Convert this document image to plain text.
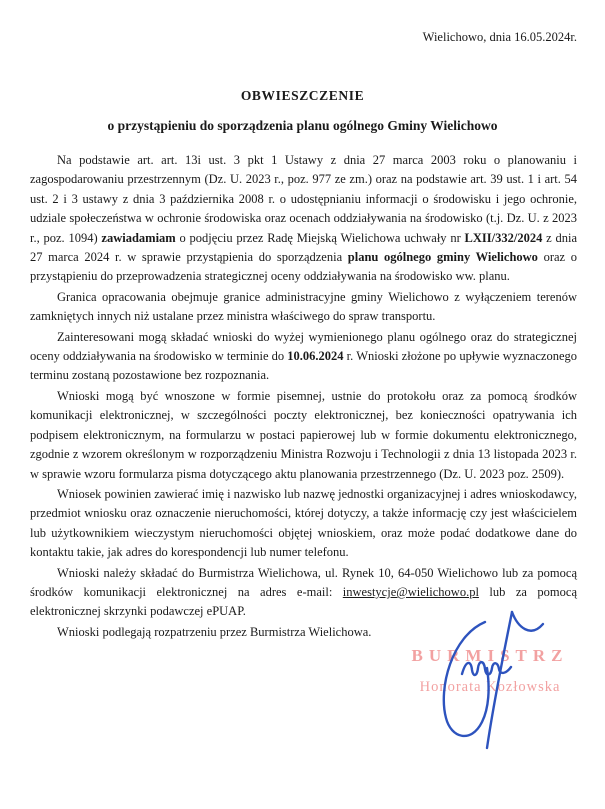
Wielichowo, dnia 16.05.2024r.
OBWIESZCZENIE
o przystąpieniu do sporządzenia planu ogólnego Gminy Wielichowo

Na podstawie art. art. 13i ust. 3 pkt 1 Ustawy z dnia 27 marca 2003 roku o planowaniu i zagospodarowaniu przestrzennym (Dz. U. 2023 r., poz. 977 ze zm.) oraz na podstawie art. 39 ust. 1 i art. 54 ust. 2 i 3 ustawy z dnia 3 października 2008 r. o udostępnianiu informacji o środowisku i jego ochronie, udziale społeczeństwa w ochronie środowiska oraz ocenach oddziaływania na środowisko (t.j. Dz. U. z 2023 r., poz. 1094) zawiadamiam o podjęciu przez Radę Miejską Wielichowa uchwały nr LXII/332/2024 z dnia 27 marca 2024 r. w sprawie przystąpienia do sporządzenia planu ogólnego gminy Wielichowo oraz o przystąpieniu do przeprowadzenia strategicznej oceny oddziaływania na środowisko ww. planu.

Granica opracowania obejmuje granice administracyjne gminy Wielichowo z wyłączeniem terenów zamkniętych innych niż ustalane przez ministra właściwego do spraw transportu.

Zainteresowani mogą składać wnioski do wyżej wymienionego planu ogólnego oraz do strategicznej oceny oddziaływania na środowisko w terminie do 10.06.2024 r. Wnioski złożone po upływie wyznaczonego terminu zostaną pozostawione bez rozpoznania.

Wnioski mogą być wnoszone w formie pisemnej, ustnie do protokołu oraz za pomocą środków komunikacji elektronicznej, w szczególności poczty elektronicznej, bez konieczności opatrywania ich podpisem elektronicznym, na formularzu w postaci papierowej lub w formie dokumentu elektronicznego, zgodnie z wzorem określonym w rozporządzeniu Ministra Rozwoju i Technologii z dnia 13 listopada 2023 r. w sprawie wzoru formularza pisma dotyczącego aktu planowania przestrzennego (Dz. U. 2023 poz. 2509).

Wniosek powinien zawierać imię i nazwisko lub nazwę jednostki organizacyjnej i adres wnioskodawcy, przedmiot wniosku oraz oznaczenie nieruchomości, której dotyczy, a także informację czy jest właścicielem lub użytkownikiem wieczystym nieruchomości objętej wnioskiem, oraz może podać dodatkowe dane do kontaktu takie, jak adres do korespondencji lub numer telefonu.

Wnioski należy składać do Burmistrza Wielichowa, ul. Rynek 10, 64-050 Wielichowo lub za pomocą środków komunikacji elektronicznej na adres e-mail: inwestycje@wielichowo.pl lub za pomocą elektronicznej skrzynki podawczej ePUAP.

Wnioski podlegają rozpatrzeniu przez Burmistrza Wielichowa.

BURMISTRZ
Honorata Kozłowska
